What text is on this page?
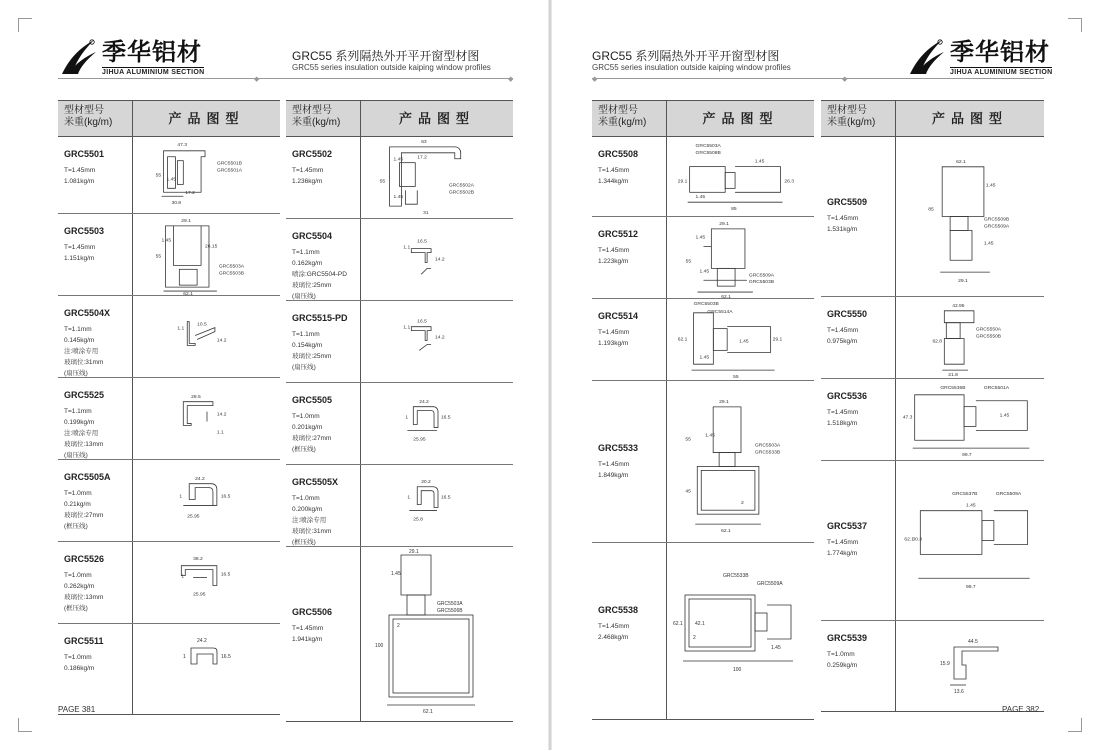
季华铝材
JIHUA ALUMINIUM SECTION
GRC55 系列隔热外开平开窗型材图
GRC55 series insulation outside kaiping window profiles
◆	◆
型材型号
米重(kg/m)	产品图型
GRC5501
T=1.45mm
1.081kg/m
47.3
55
1.45
17.2
30.8
GRC5501B
GRC5501A
GRC5503
T=1.45mm
1.151kg/m
29.1
1.45
26.15
55
GRC5503A
GRC5503B
62.1
GRC5504X
T=1.1mm
0.145kg/m
注:喷涂专用
玻璃位:31mm
(扇压线)
1.1
10.5
14.2
GRC5525
T=1.1mm
0.199kg/m
注:喷涂专用
玻璃位:13mm
(扇压线)
28.5
14.2
1.1
GRC5505A
T=1.0mm
0.21kg/m
玻璃位:27mm
(框压线)
24.2
1	16.5
25.95
GRC5526
T=1.0mm
0.262kg/m
玻璃位:13mm
(框压线)
38.2
16.5
1
25.95
GRC5511
T=1.0mm
0.186kg/m
24.2
1	16.5
型材型号
米重(kg/m)	产品图型
GRC5502
T=1.45mm
1.236kg/m
63
1.45	17.2
55
1.45
GRC5502A
GRC5502B
31
GRC5504
T=1.1mm
0.162kg/m
喷涂:GRC5504-PD
玻璃位:25mm
(扇压线)
1.1
16.5
14.2
GRC5515-PD
T=1.1mm
0.154kg/m
玻璃位:25mm
(扇压线)
1.1
16.5
14.2
GRC5505
T=1.0mm
0.201kg/m
玻璃位:27mm
(框压线)
24.2
1	16.5
25.95
GRC5505X
T=1.0mm
0.200kg/m
注:喷涂专用
玻璃位:31mm
(框压线)
20.2
1	16.5
25.8
GRC5506
T=1.45mm
1.941kg/m
29.1
1.45
GRC5503A
GRC5506B
100
2
62.1
PAGE 381
GRC55 系列隔热外开平开窗型材图
GRC55 series insulation outside kaiping window profiles
季华铝材
JIHUA ALUMINIUM SECTION
◆	◆
型材型号
米重(kg/m)	产品图型
GRC5508
T=1.45mm
1.344kg/m
GRC5503A
GRC5508B
1.45
29.1	26.3
1.45
85
GRC5512
T=1.45mm
1.223kg/m
29.1
1.45
55
1.45
GRC5509A
GRC5503B
62.1
GRC5514
T=1.45mm
1.193kg/m
GRC5503B
GRC5514A
62.1
1.45
1.45	29.1
55
GRC5533
T=1.45mm
1.849kg/m
29.1
1.45
55
GRC5503A
GRC5533B
45
2
62.1
GRC5538
T=1.45mm
2.468kg/m
GRC5533B
GRC5509A
62.1 42.1
2
1.45
100
型材型号
米重(kg/m)	产品图型
GRC5509
T=1.45mm
1.531kg/m
62.1
1.45
85
GRC5509B
GRC5509A
1.45
29.1
GRC5550
T=1.45mm
0.975kg/m
42.95
GRC5550A
GRC5550B
62.8
21.8
GRC5536
T=1.45mm
1.518kg/m
GRC5536B	GRC5501A
47.3	1.45
99.7
GRC5537
T=1.45mm
1.774kg/m
GRC5537B	GRC5509A
62.1
30.3
1.45
99.7
GRC5539
T=1.0mm
0.259kg/m
44.5
15.9
13.6
PAGE 382
